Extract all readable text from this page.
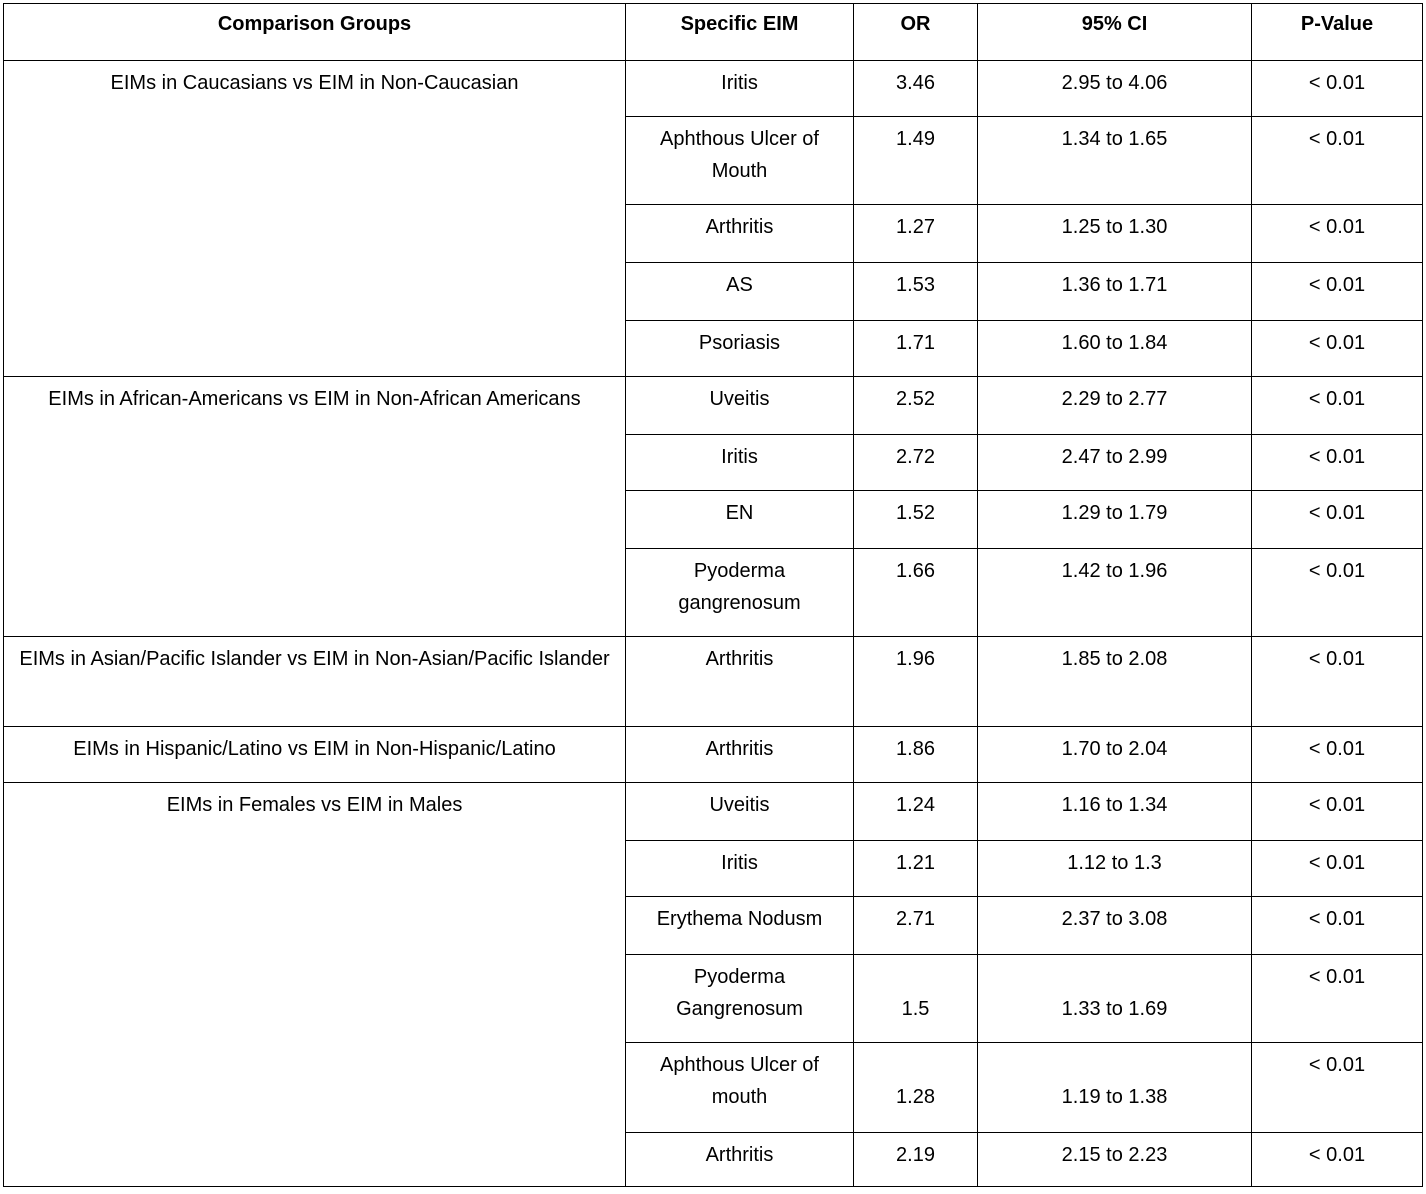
Comparison Groups	Specific EIM	OR	95% CI	P-Value
EIMs in Caucasians vs EIM in Non-Caucasian	Iritis	3.46	2.95 to 4.06	< 0.01
	Aphthous Ulcer of Mouth	1.49	1.34 to 1.65	< 0.01
	Arthritis	1.27	1.25 to 1.30	< 0.01
	AS	1.53	1.36 to 1.71	< 0.01
	Psoriasis	1.71	1.60 to 1.84	< 0.01
EIMs in African-Americans vs EIM in Non-African Americans	Uveitis	2.52	2.29 to 2.77	< 0.01
	Iritis	2.72	2.47 to 2.99	< 0.01
	EN	1.52	1.29 to 1.79	< 0.01
	Pyoderma gangrenosum	1.66	1.42 to 1.96	< 0.01
EIMs in Asian/Pacific Islander vs EIM in Non-Asian/Pacific Islander	Arthritis	1.96	1.85 to 2.08	< 0.01
EIMs in Hispanic/Latino vs EIM in Non-Hispanic/Latino	Arthritis	1.86	1.70 to 2.04	< 0.01
EIMs in Females vs EIM in Males	Uveitis	1.24	1.16 to 1.34	< 0.01
	Iritis	1.21	1.12 to 1.3	< 0.01
	Erythema Nodusm	2.71	2.37 to 3.08	< 0.01
	Pyoderma Gangrenosum	1.5	1.33 to 1.69	< 0.01
	Aphthous Ulcer of mouth	1.28	1.19 to 1.38	< 0.01
	Arthritis	2.19	2.15 to 2.23	< 0.01
